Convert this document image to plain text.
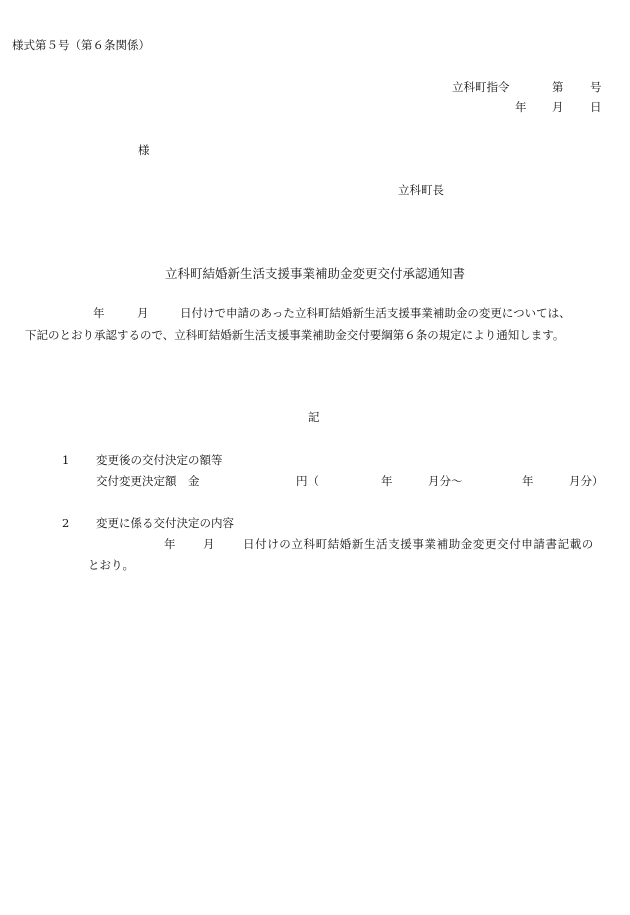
様式第５号（第６条関係）
立科町指令	第 号
年 月 日
様
立科町長
立科町結婚新生活支援事業補助金変更交付承認通知書
年	月	日付けで申請のあった立科町結婚新生活支援事業補助金の変更については、
下記のとおり承認するので、立科町結婚新生活支援事業補助金交付要綱第６条の規定により通知します。
記
1 変更後の交付決定の額等
交付変更決定額　金	円（	年	月分〜	年	月分）
2 変更に係る交付決定の内容
年 月 日付けの立科町結婚新生活支援事業補助金変更交付申請書記載の
とおり。
